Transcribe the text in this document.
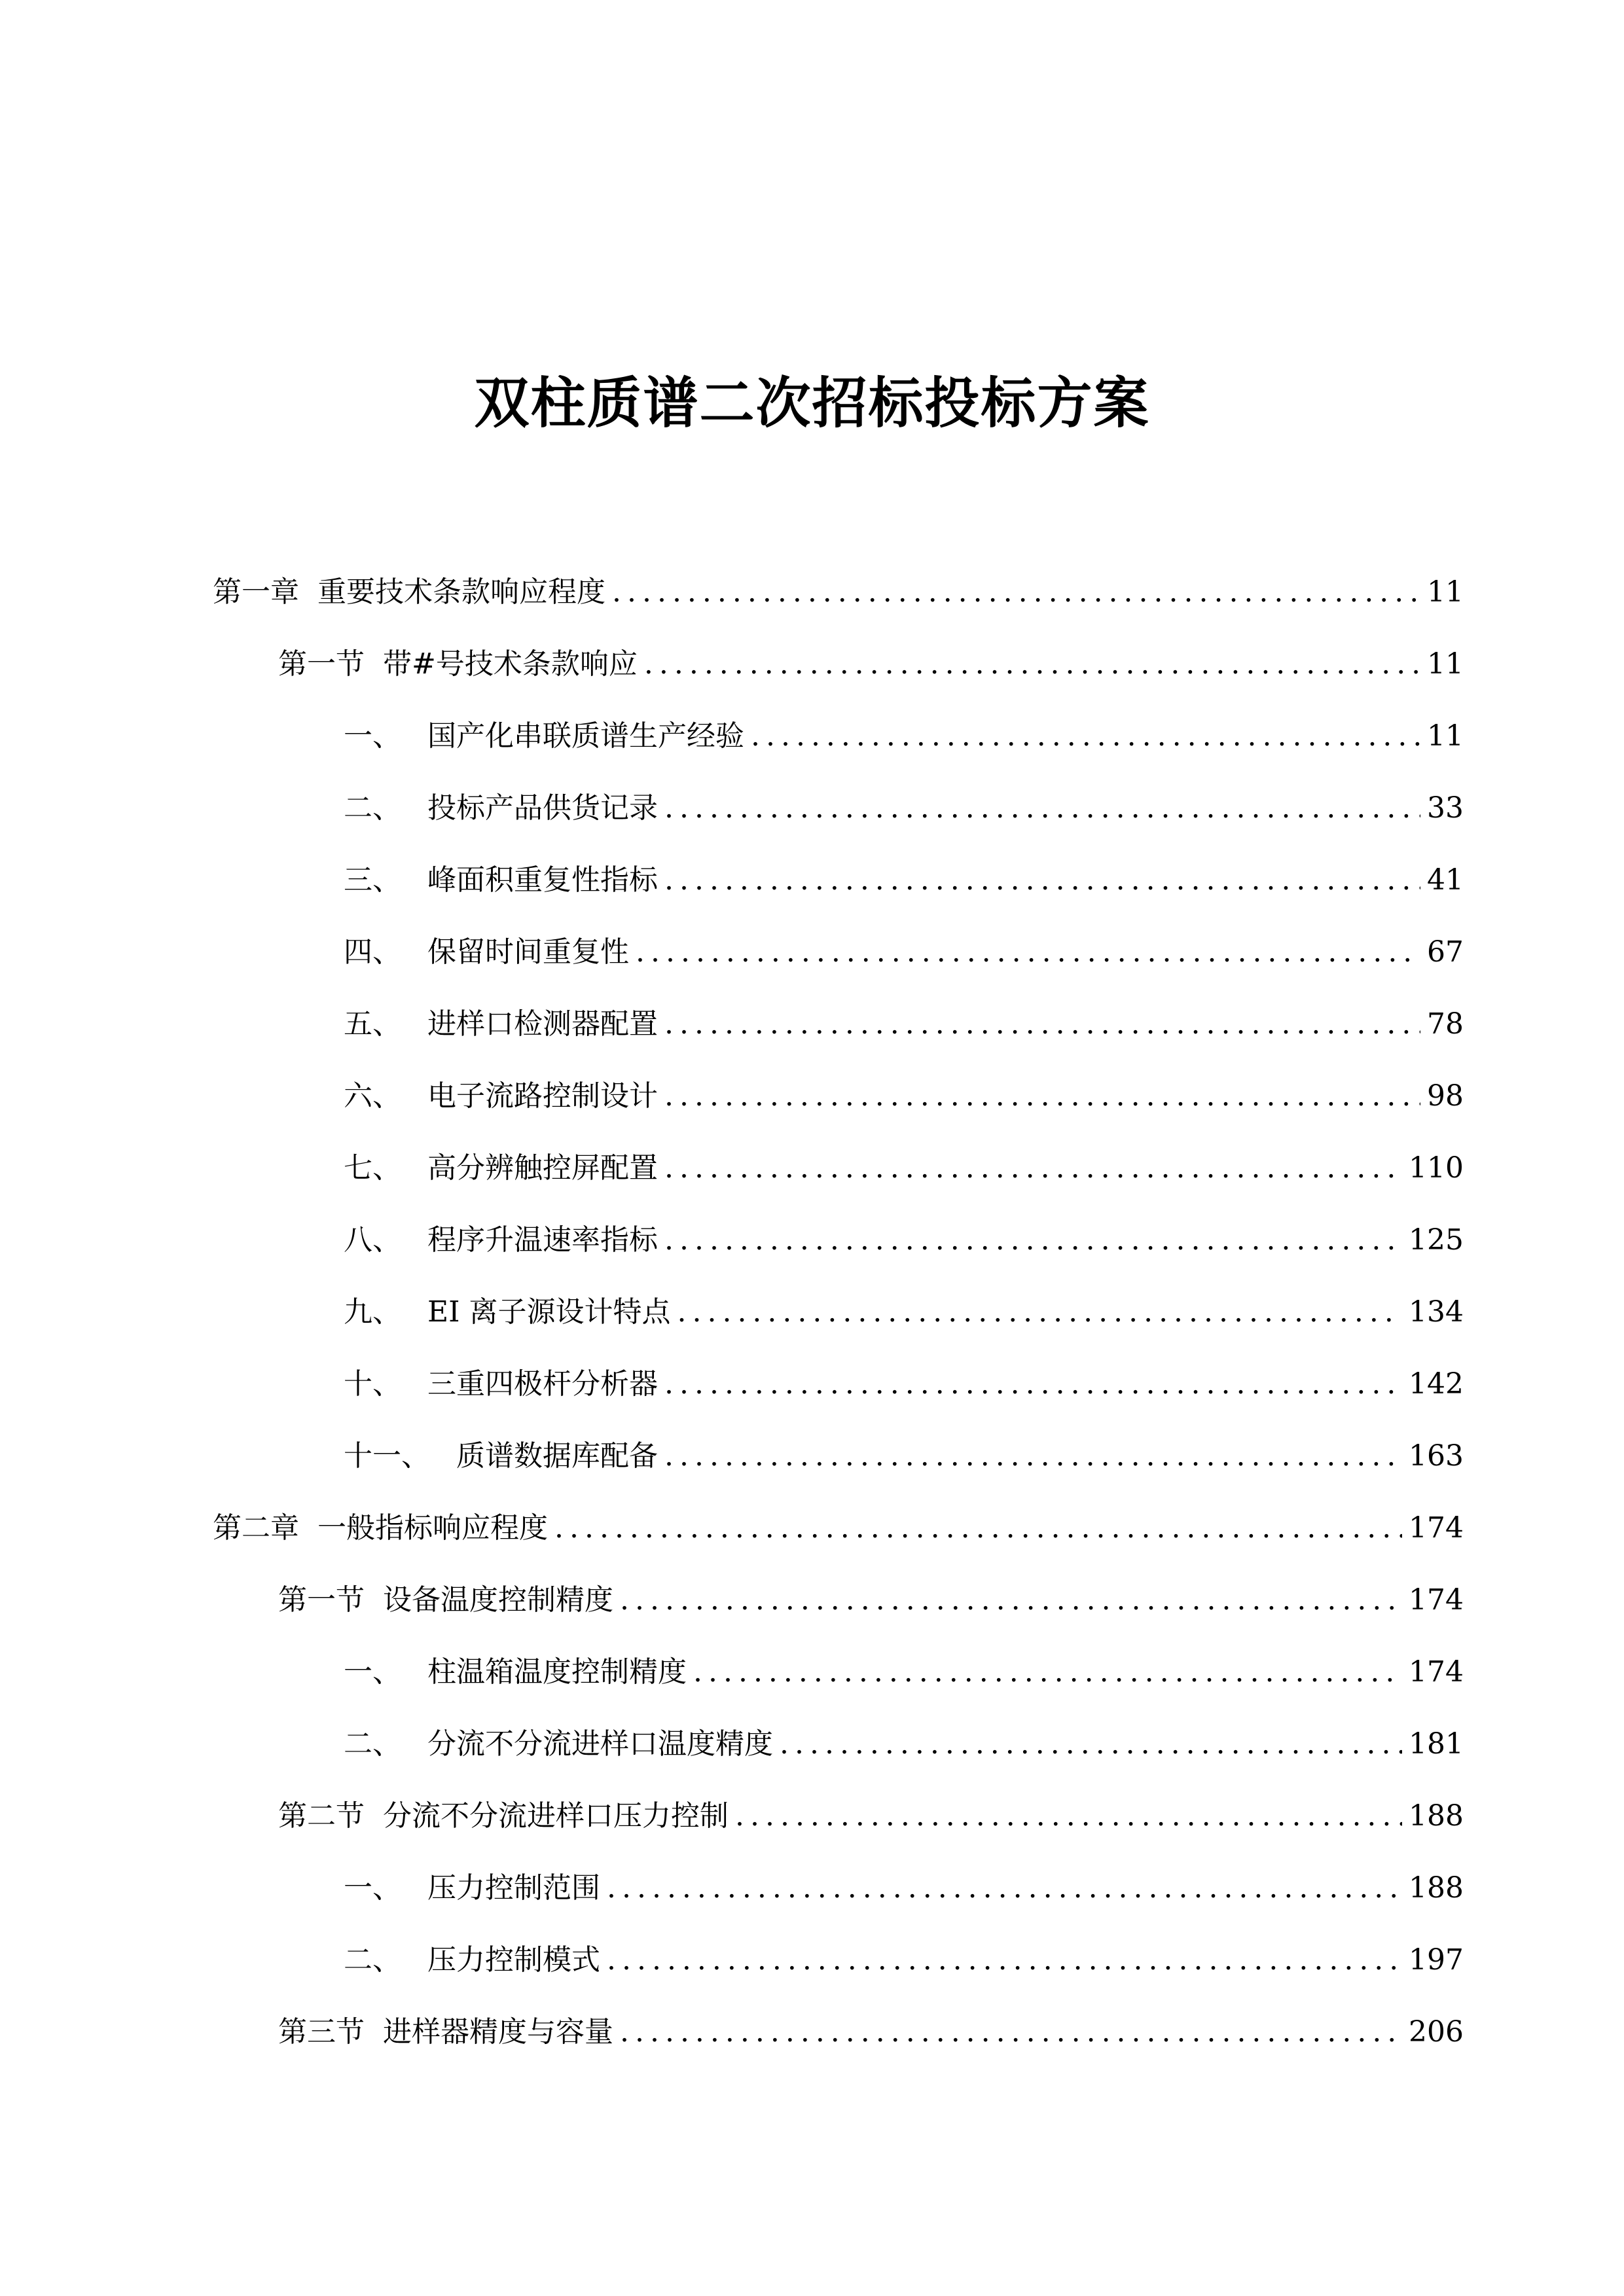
双柱质谱二次招标投标方案
第一章 重要技术条款响应程度 .....	11
第一节 带#号技术条款响应 .....	11
一、 国产化串联质谱生产经验 .....	11
二、 投标产品供货记录 .....	33
三、 峰面积重复性指标 .....	41
四、 保留时间重复性 .....	67
五、 进样口检测器配置 .....	78
六、 电子流路控制设计 .....	98
七、 高分辨触控屏配置 .....	110
八、 程序升温速率指标 .....	125
九、 EI 离子源设计特点 .....	134
十、 三重四极杆分析器 .....	142
十一、 质谱数据库配备 .....	163
第二章 一般指标响应程度 .....	174
第一节 设备温度控制精度 .....	174
一、 柱温箱温度控制精度 .....	174
二、 分流不分流进样口温度精度 .....	181
第二节 分流不分流进样口压力控制 .....	188
一、 压力控制范围 .....	188
二、 压力控制模式 .....	197
第三节 进样器精度与容量 .....	206
